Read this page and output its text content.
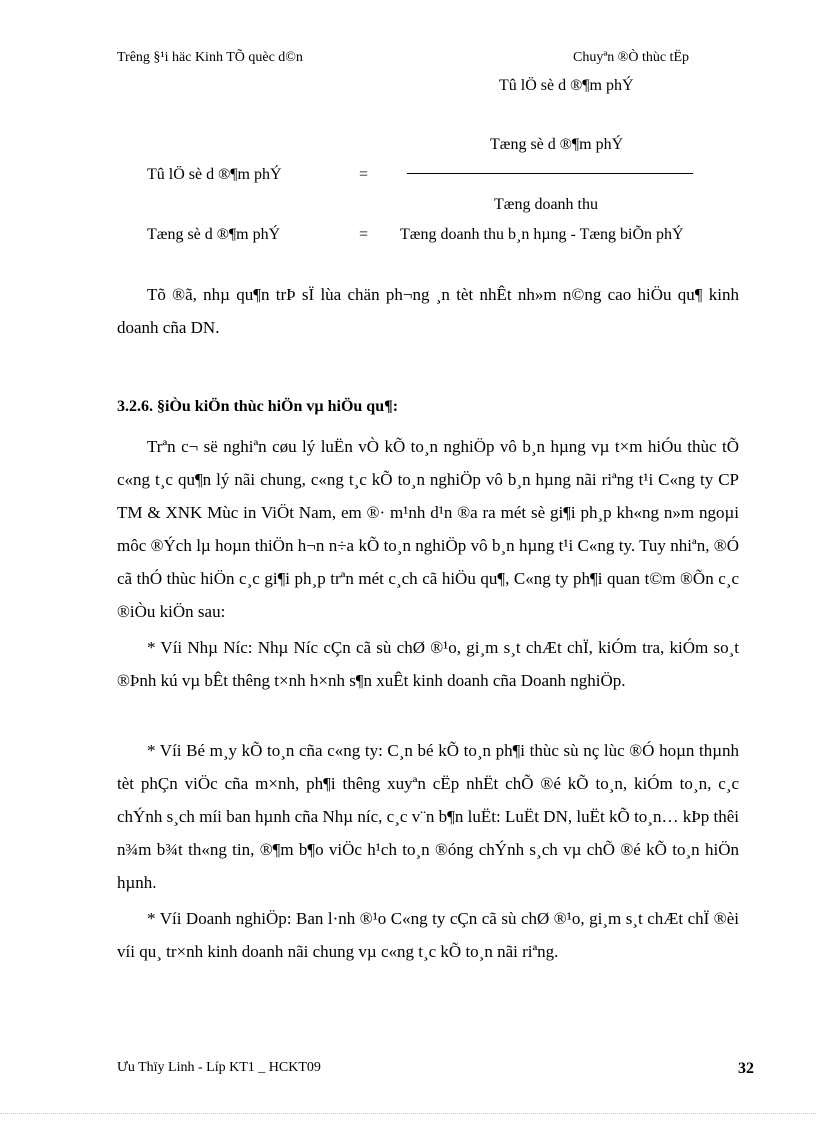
Trêng §¹i häc Kinh TÕ quèc d©n	Chuyªn ®Ò thùc tËp
Tû lÖ sè d ®¶m phÝ
Tæng sè d ®¶m phÝ
Tû lÖ sè d ®¶m phÝ	=
Tæng doanh thu
Tæng sè d ®¶m phÝ	= Tæng doanh thu b¸n hµng - Tæng biÕn phÝ
Tõ ®ã, nhµ qu¶n trÞ sÏ lùa chän ph¬ng ¸n tèt nhÊt nh»m n©ng cao hiÖu qu¶ kinh doanh cña DN.
3.2.6. §iÒu kiÖn thùc hiÖn vµ hiÖu qu¶:
Trªn c¬ së nghiªn cøu lý luËn vÒ kÕ to¸n nghiÖp vô b¸n hµng vµ t×m hiÓu thùc tÕ c«ng t¸c qu¶n lý nãi chung, c«ng t¸c kÕ to¸n nghiÖp vô b¸n hµng nãi riªng t¹i C«ng ty CP TM & XNK Mùc in ViÖt Nam, em ®· m¹nh d¹n ®a ra mét sè gi¶i ph¸p kh«ng n»m ngoµi môc ®Ých lµ hoµn thiÖn h¬n n÷a kÕ to¸n nghiÖp vô b¸n hµng t¹i C«ng ty. Tuy nhiªn, ®Ó cã thÓ thùc hiÖn c¸c gi¶i ph¸p trªn mét c¸ch cã hiÖu qu¶, C«ng ty ph¶i quan t©m ®Õn c¸c ®iÒu kiÖn sau:
* Víi Nhµ Níc: Nhµ Níc cÇn cã sù chØ ®¹o, gi¸m s¸t chÆt chÏ, kiÓm tra, kiÓm so¸t ®Þnh kú vµ bÊt thêng t×nh h×nh s¶n xuÊt kinh doanh cña Doanh nghiÖp.
* Víi Bé m¸y kÕ to¸n cña c«ng ty: C¸n bé kÕ to¸n ph¶i thùc sù nç lùc ®Ó hoµn thµnh tèt phÇn viÖc cña m×nh, ph¶i thêng xuyªn cËp nhËt chÕ ®é kÕ to¸n, kiÓm to¸n, c¸c chÝnh s¸ch míi ban hµnh cña Nhµ níc, c¸c v¨n b¶n luËt: LuËt DN, luËt kÕ to¸n… kÞp thêi n¾m b¾t th«ng tin, ®¶m b¶o viÖc h¹ch to¸n ®óng chÝnh s¸ch vµ chÕ ®é kÕ to¸n hiÖn hµnh.
* Víi Doanh nghiÖp: Ban l·nh ®¹o C«ng ty cÇn cã sù chØ ®¹o, gi¸m s¸t chÆt chÏ ®èi víi qu¸ tr×nh kinh doanh nãi chung vµ c«ng t¸c kÕ to¸n nãi riªng.
Ưu Thïy Linh - Líp KT1 _ HCKT09	32
